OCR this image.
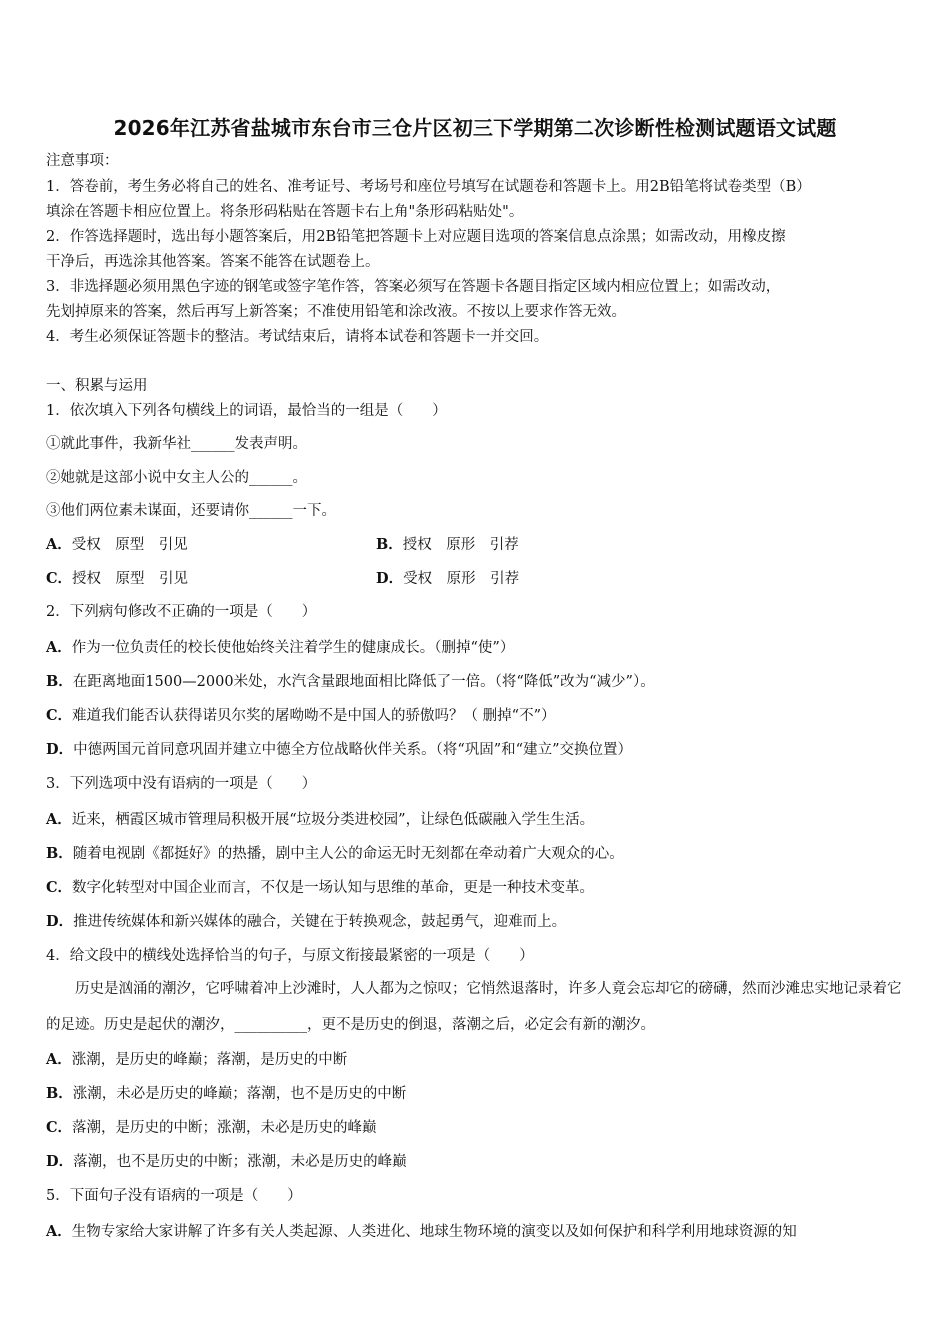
2026年江苏省盐城市东台市三仓片区初三下学期第二次诊断性检测试题语文试题
注意事项：
1．答卷前，考生务必将自己的姓名、准考证号、考场号和座位号填写在试题卷和答题卡上。用2B铅笔将试卷类型（B）
填涂在答题卡相应位置上。将条形码粘贴在答题卡右上角"条形码粘贴处"。
2．作答选择题时，选出每小题答案后，用2B铅笔把答题卡上对应题目选项的答案信息点涂黑；如需改动，用橡皮擦
干净后，再选涂其他答案。答案不能答在试题卷上。
3．非选择题必须用黑色字迹的钢笔或签字笔作答，答案必须写在答题卡各题目指定区域内相应位置上；如需改动，
先划掉原来的答案，然后再写上新答案；不准使用铅笔和涂改液。不按以上要求作答无效。
4．考生必须保证答题卡的整洁。考试结束后，请将本试卷和答题卡一并交回。
一、积累与运用
1．依次填入下列各句横线上的词语，最恰当的一组是（　　）
①就此事件，我新华社______发表声明。
②她就是这部小说中女主人公的______。
③他们两位素未谋面，还要请你______一下。
A．受权　原型　引见	B．授权　原形　引荐
C．授权　原型　引见	D．受权　原形　引荐
2．下列病句修改不正确的一项是（　　）
A．作为一位负责任的校长使他始终关注着学生的健康成长。（删掉“使”）
B．在距离地面1500—2000米处，水汽含量跟地面相比降低了一倍。（将“降低”改为“减少”）。
C．难道我们能否认获得诺贝尔奖的屠呦呦不是中国人的骄傲吗？（ 删掉“不”）
D．中德两国元首同意巩固并建立中德全方位战略伙伴关系。（将“巩固”和“建立”交换位置）
3．下列选项中没有语病的一项是（　　）
A．近来，栖霞区城市管理局积极开展“垃圾分类进校园”，让绿色低碳融入学生生活。
B．随着电视剧《都挺好》的热播，剧中主人公的命运无时无刻都在牵动着广大观众的心。
C．数字化转型对中国企业而言，不仅是一场认知与思维的革命，更是一种技术变革。
D．推进传统媒体和新兴媒体的融合，关键在于转换观念，鼓起勇气，迎难而上。
4．给文段中的横线处选择恰当的句子，与原文衔接最紧密的一项是（　　）
历史是汹涌的潮汐，它呼啸着冲上沙滩时，人人都为之惊叹；它悄然退落时，许多人竟会忘却它的磅礴，然而沙滩忠实地记录着它的足迹。历史是起伏的潮汐，__________，更不是历史的倒退，落潮之后，必定会有新的潮汐。
A．涨潮，是历史的峰巅；落潮，是历史的中断
B．涨潮，未必是历史的峰巅；落潮，也不是历史的中断
C．落潮，是历史的中断；涨潮，未必是历史的峰巅
D．落潮，也不是历史的中断；涨潮，未必是历史的峰巅
5．下面句子没有语病的一项是（　　）
A．生物专家给大家讲解了许多有关人类起源、人类进化、地球生物环境的演变以及如何保护和科学利用地球资源的知
